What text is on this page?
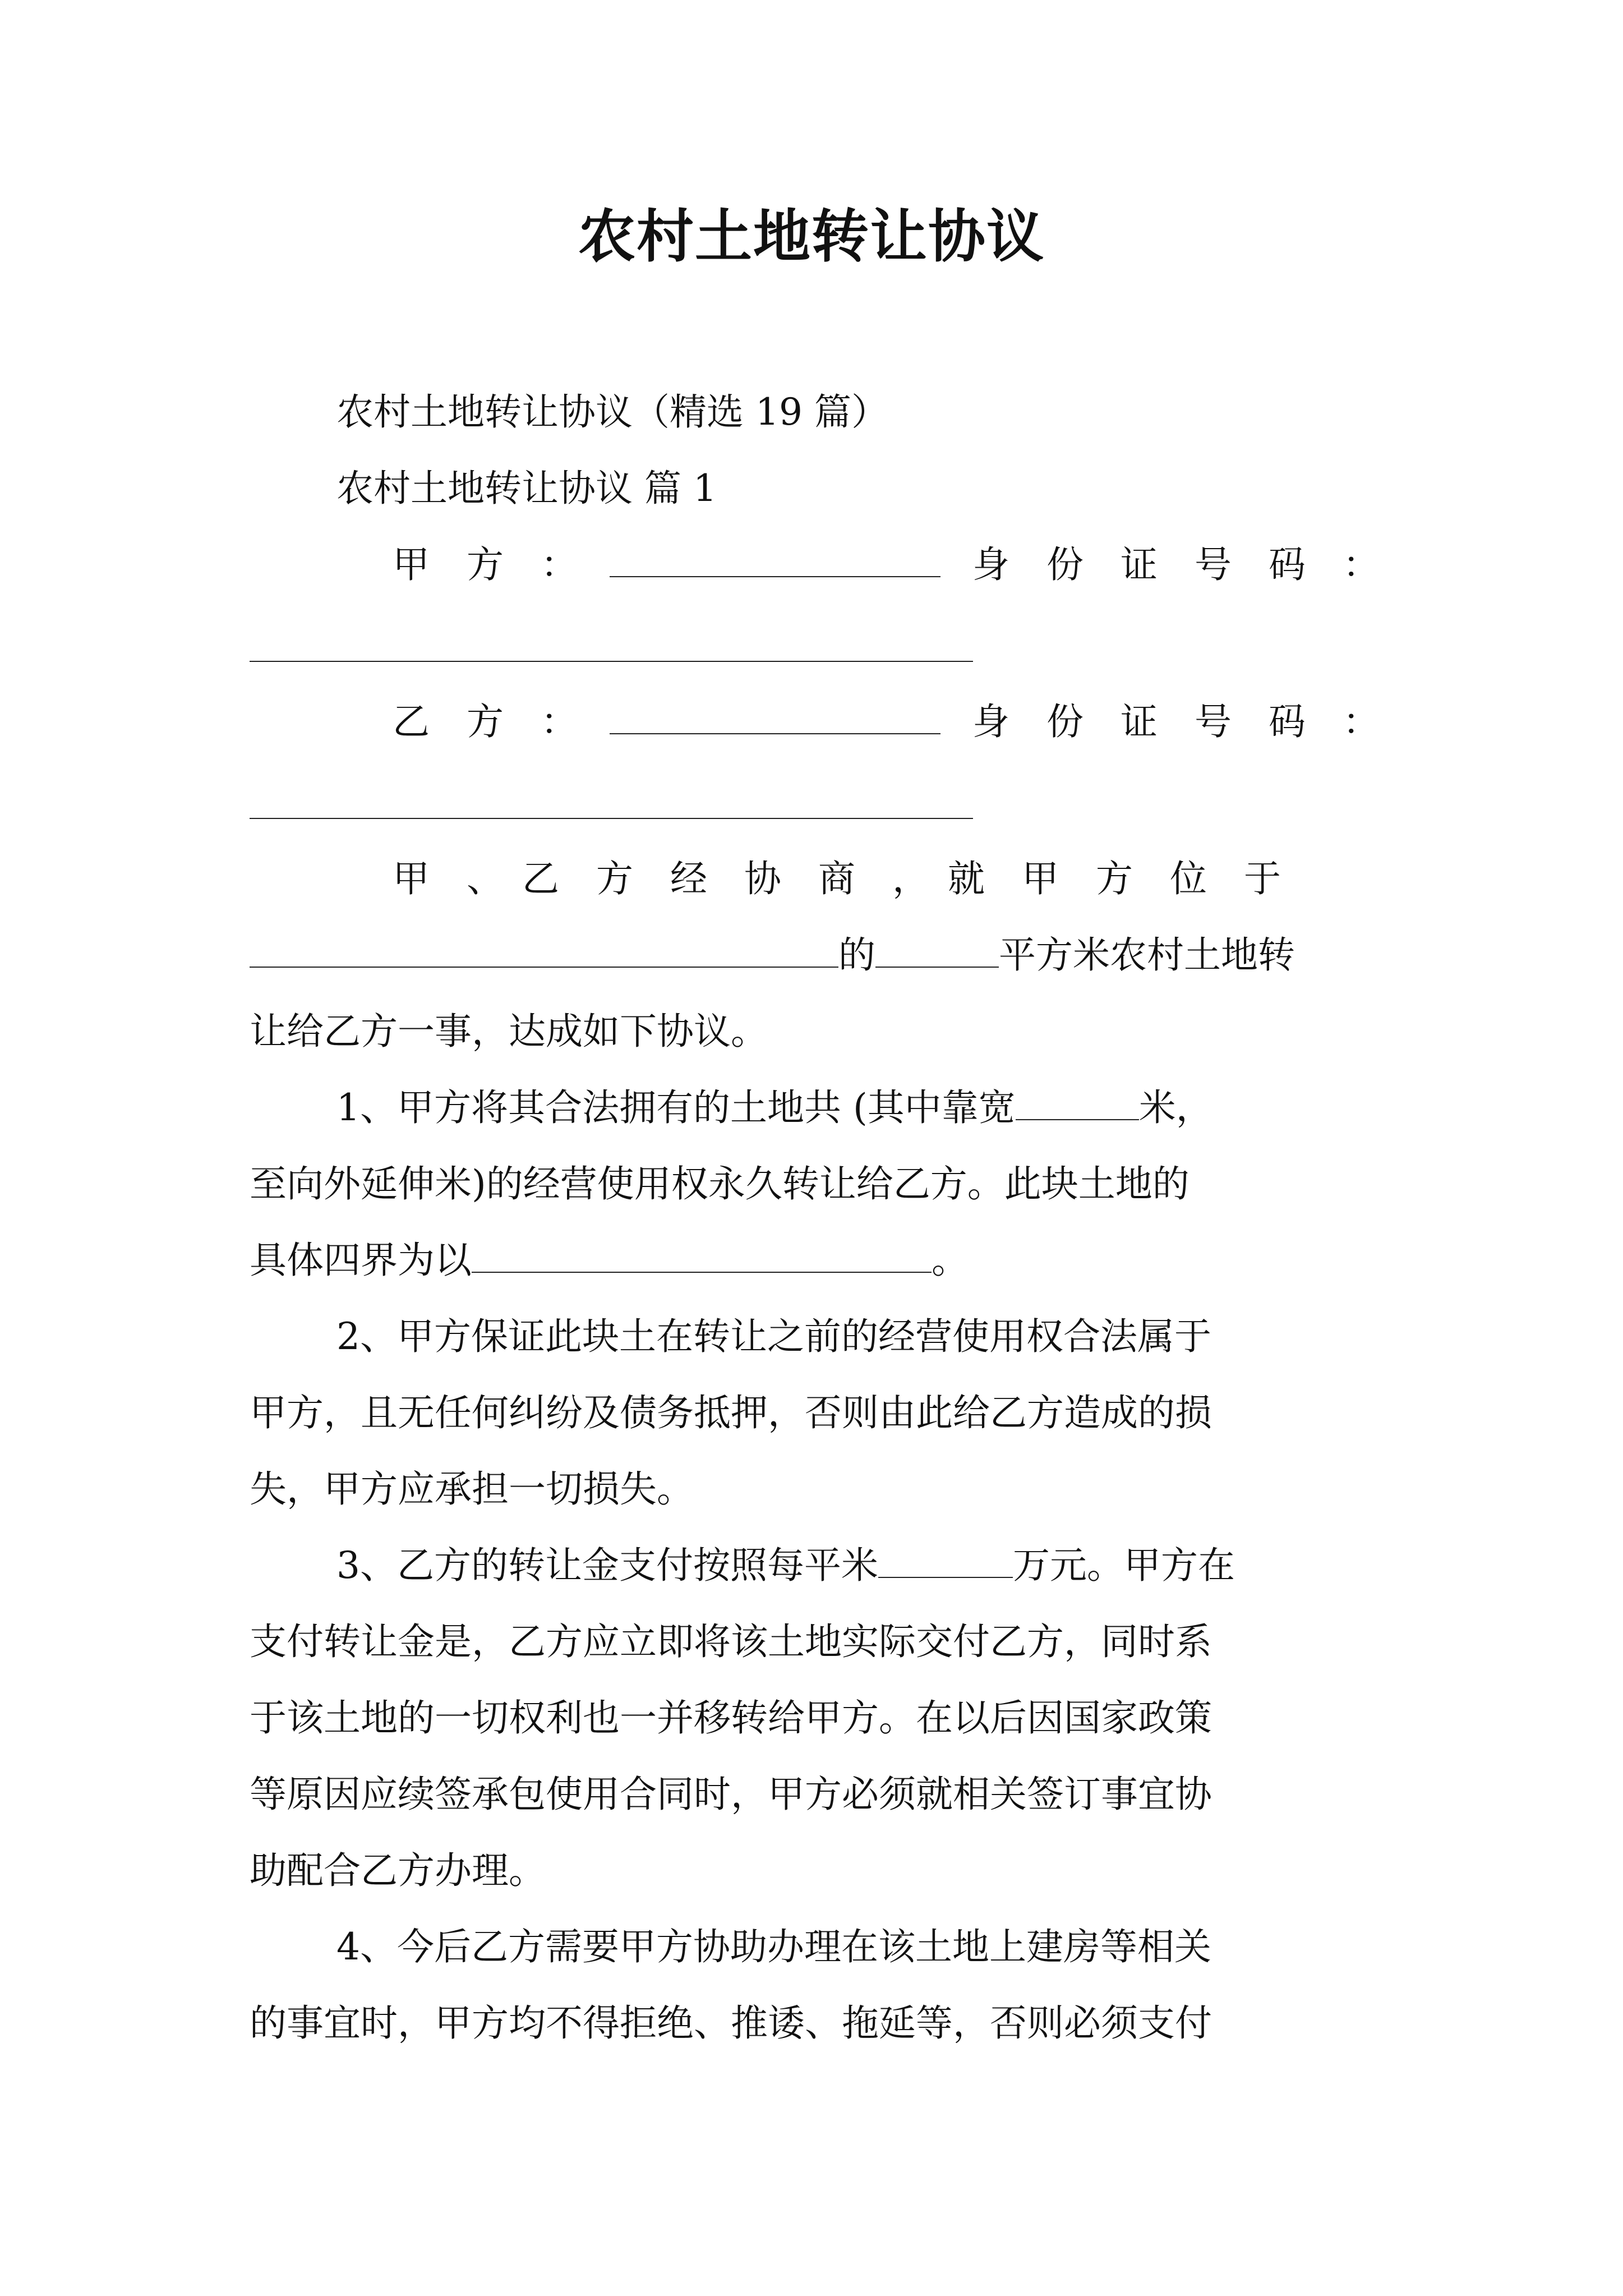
农村土地转让协议
农村土地转让协议（精选 19 篇）
农村土地转让协议 篇 1
甲　方　：	身　份　证　号　码　：
乙　方　：	身　份　证　号　码　：
甲　、　乙　方　经　协　商　，　就　甲　方　位　于
的	平方米农村土地转
让给乙方一事，达成如下协议。
1、甲方将其合法拥有的土地共 (其中靠宽	米，
至向外延伸米)的经营使用权永久转让给乙方。此块土地的
具体四界为以	。
2、甲方保证此块土在转让之前的经营使用权合法属于
甲方，且无任何纠纷及债务抵押，否则由此给乙方造成的损
失，甲方应承担一切损失。
3、乙方的转让金支付按照每平米	万元。甲方在
支付转让金是，乙方应立即将该土地实际交付乙方，同时系
于该土地的一切权利也一并移转给甲方。在以后因国家政策
等原因应续签承包使用合同时，甲方必须就相关签订事宜协
助配合乙方办理。
4、今后乙方需要甲方协助办理在该土地上建房等相关
的事宜时，甲方均不得拒绝、推诿、拖延等，否则必须支付
